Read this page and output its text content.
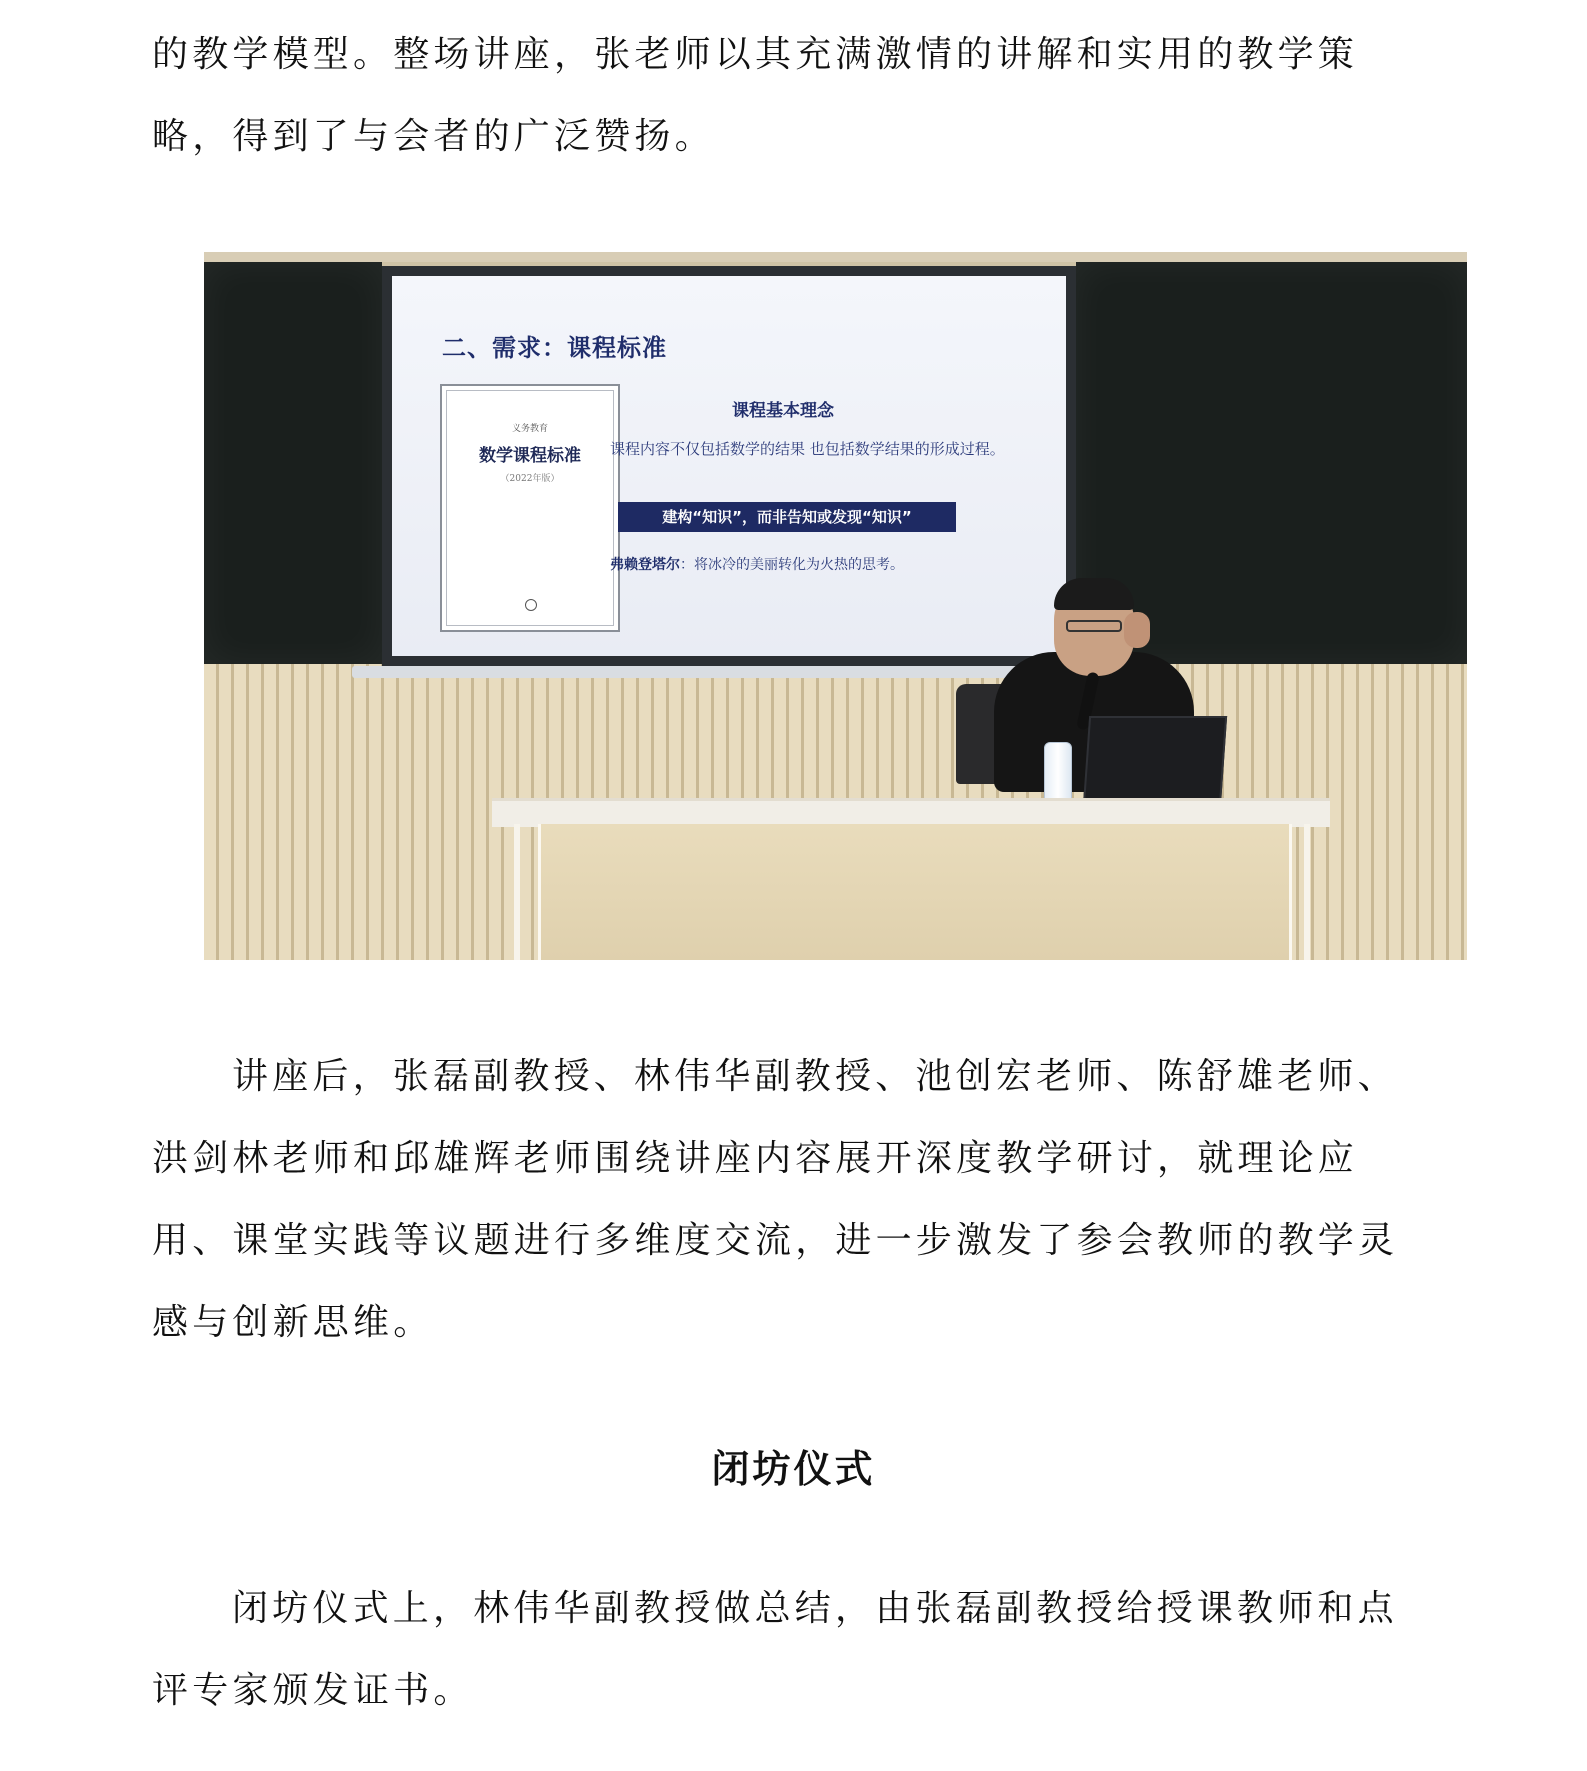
的教学模型。整场讲座，张老师以其充满激情的讲解和实用的教学策略，得到了与会者的广泛赞扬。

二、需求：课程标准
义务教育
数学课程标准
（2022年版）
课程基本理念
课程内容不仅包括数学的结果 也包括数学结果的形成过程。
建构“知识”，而非告知或发现“知识”
弗赖登塔尔：将冰冷的美丽转化为火热的思考。

讲座后，张磊副教授、林伟华副教授、池创宏老师、陈舒雄老师、洪剑林老师和邱雄辉老师围绕讲座内容展开深度教学研讨，就理论应用、课堂实践等议题进行多维度交流，进一步激发了参会教师的教学灵感与创新思维。

闭坊仪式

闭坊仪式上，林伟华副教授做总结，由张磊副教授给授课教师和点评专家颁发证书。
